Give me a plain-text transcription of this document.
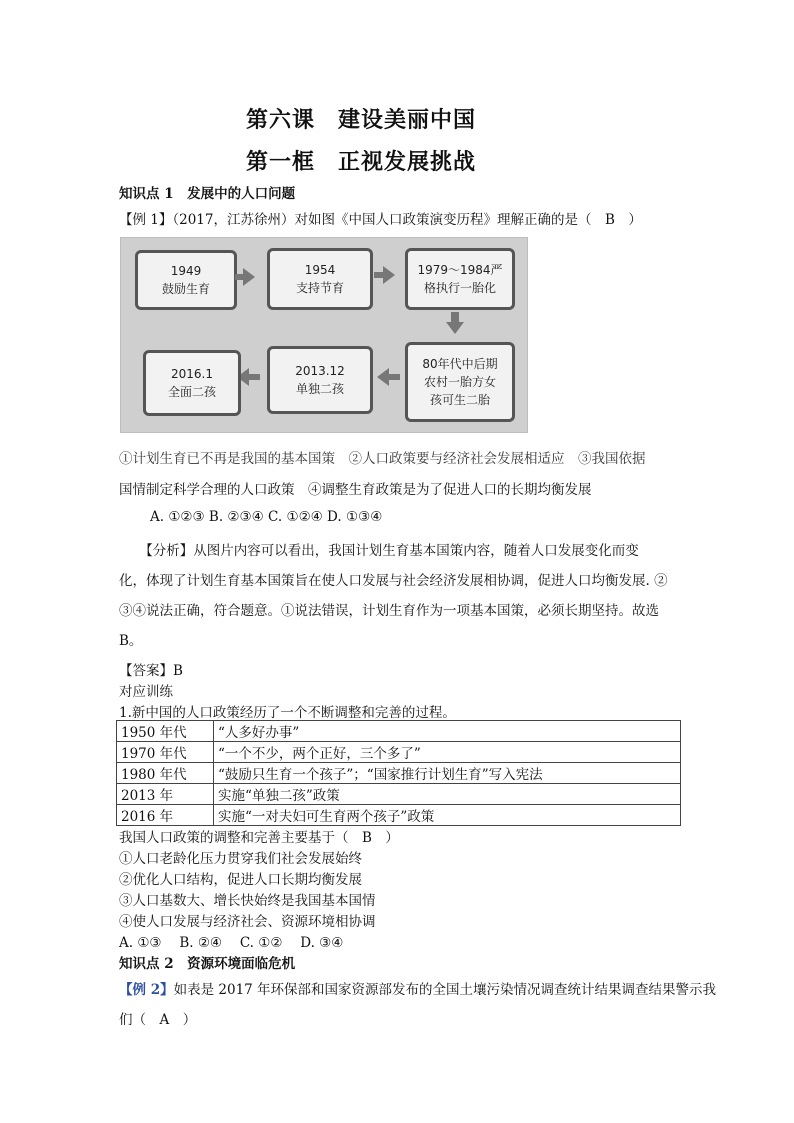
第六课　建设美丽中国
第一框　正视发展挑战
知识点 1　发展中的人口问题
【例 1】（2017，江苏徐州）对如图《中国人口政策演变历程》理解正确的是（　B　）
1949
鼓励生育
1954
支持节育
1979～1984严
格执行一胎化
80年代中后期
农村一胎方女
孩可生二胎
2013.12
单独二孩
2016.1
全面二孩
①计划生育已不再是我国的基本国策　②人口政策要与经济社会发展相适应　③我国依据
国情制定科学合理的人口政策　④调整生育政策是为了促进人口的长期均衡发展
A. ①②③ B. ②③④ C. ①②④ D. ①③④
　　【分析】从图片内容可以看出，我国计划生育基本国策内容，随着人口发展变化而变
化，体现了计划生育基本国策旨在使人口发展与社会经济发展相协调，促进人口均衡发展. ②
③④说法正确，符合题意。①说法错误，计划生育作为一项基本国策，必须长期坚持。故选
B。
【答案】B
对应训练
1.新中国的人口政策经历了一个不断调整和完善的过程。
1950 年代	“人多好办事”
1970 年代	“一个不少，两个正好，三个多了”
1980 年代	“鼓励只生育一个孩子”；“国家推行计划生育”写入宪法
2013 年	实施“单独二孩”政策
2016 年	实施“一对夫妇可生育两个孩子”政策
我国人口政策的调整和完善主要基于（　B　）
①人口老龄化压力贯穿我们社会发展始终
②优化人口结构，促进人口长期均衡发展
③人口基数大、增长快始终是我国基本国情
④使人口发展与经济社会、资源环境相协调
A. ①③　 B. ②④　 C. ①②　 D. ③④
知识点 2　资源环境面临危机
【例 2】如表是 2017 年环保部和国家资源部发布的全国土壤污染情况调查统计结果调查结果警示我
们（　A　）
